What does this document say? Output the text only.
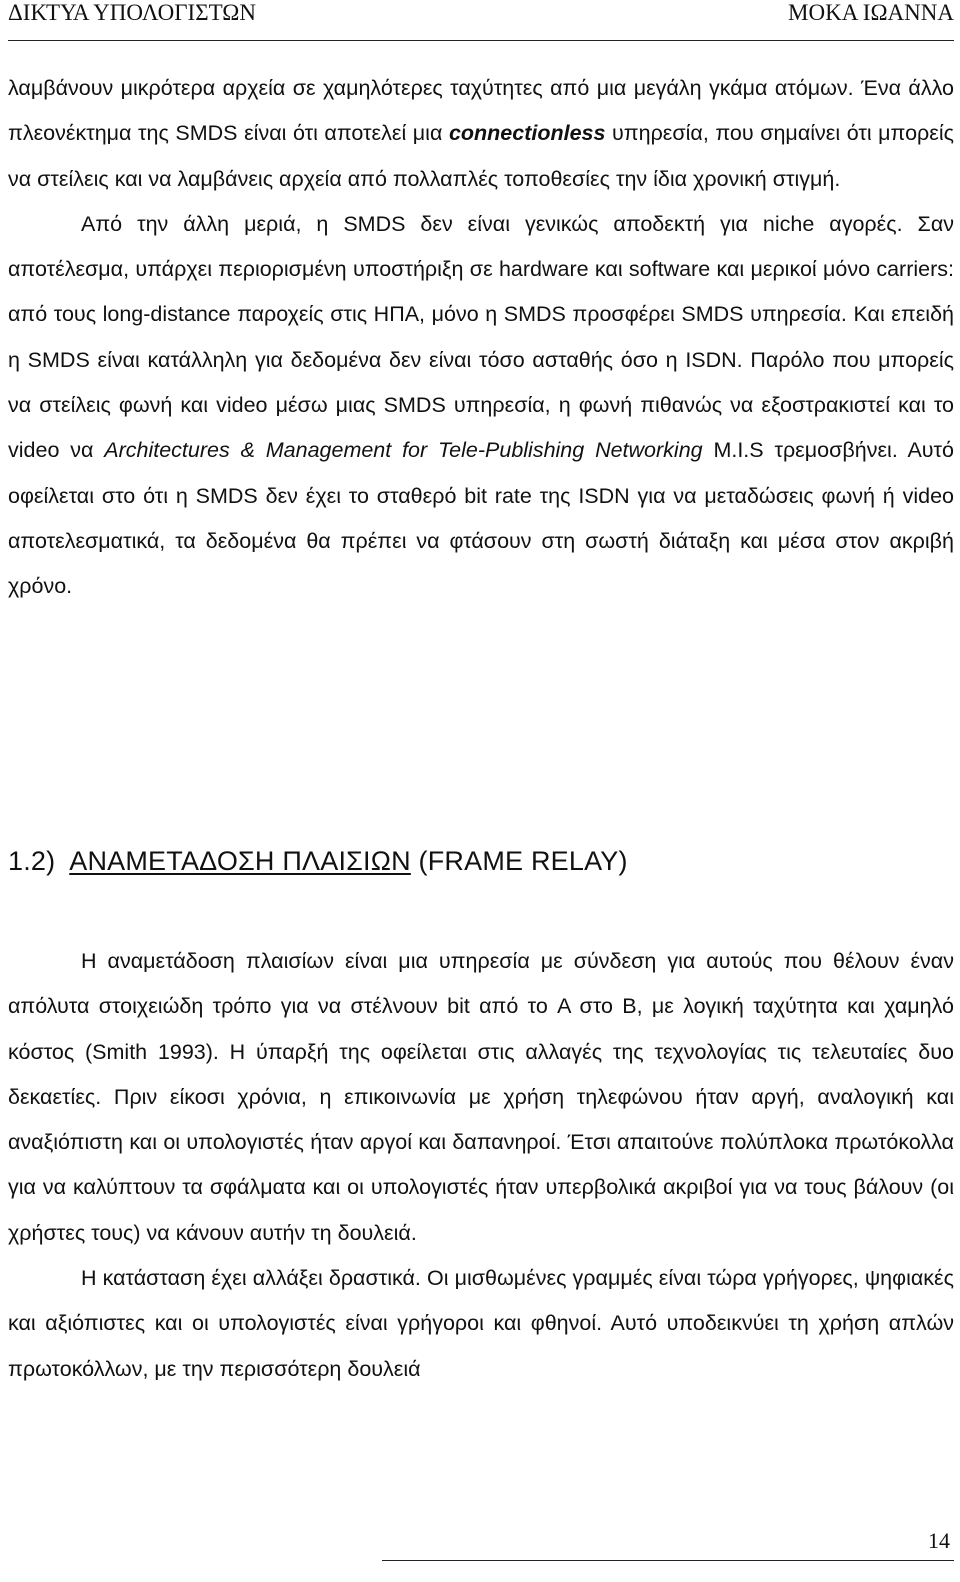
ΔΙΚΤΥΑ ΥΠΟΛΟΓΙΣΤΩΝ	ΜΟΚΑ ΙΩΑΝΝΑ

λαμβάνουν μικρότερα αρχεία σε χαμηλότερες ταχύτητες από μια μεγάλη γκάμα ατόμων. Ένα άλλο πλεονέκτημα της SMDS είναι ότι αποτελεί μια connectionless υπηρεσία, που σημαίνει ότι μπορείς να στείλεις και να λαμβάνεις αρχεία από πολλαπλές τοποθεσίες την ίδια χρονική στιγμή.

Από την άλλη μεριά, η SMDS δεν είναι γενικώς αποδεκτή για niche αγορές. Σαν αποτέλεσμα, υπάρχει περιορισμένη υποστήριξη σε hardware και software και μερικοί μόνο carriers: από τους long-distance παροχείς στις ΗΠΑ, μόνο η SMDS προσφέρει SMDS υπηρεσία. Και επειδή η SMDS είναι κατάλληλη για δεδομένα δεν είναι τόσο ασταθής όσο η ISDN. Παρόλο που μπορείς να στείλεις φωνή και video μέσω μιας SMDS υπηρεσία, η φωνή πιθανώς να εξοστρακιστεί και το video να Architectures & Management for Tele-Publishing Networking M.I.S τρεμοσβήνει. Αυτό οφείλεται στο ότι η SMDS δεν έχει το σταθερό bit rate της ISDN για να μεταδώσεις φωνή ή video αποτελεσματικά, τα δεδομένα θα πρέπει να φτάσουν στη σωστή διάταξη και μέσα στον ακριβή χρόνο.

1.2) ΑΝΑΜΕΤΑΔΟΣΗ ΠΛΑΙΣΙΩΝ (FRAME RELAY)

Η αναμετάδοση πλαισίων είναι μια υπηρεσία με σύνδεση για αυτούς που θέλουν έναν απόλυτα στοιχειώδη τρόπο για να στέλνουν bit από το A στο B, με λογική ταχύτητα και χαμηλό κόστος (Smith 1993). Η ύπαρξή της οφείλεται στις αλλαγές της τεχνολογίας τις τελευταίες δυο δεκαετίες. Πριν είκοσι χρόνια, η επικοινωνία με χρήση τηλεφώνου ήταν αργή, αναλογική και αναξιόπιστη και οι υπολογιστές ήταν αργοί και δαπανηροί. Έτσι απαιτούνε πολύπλοκα πρωτόκολλα για να καλύπτουν τα σφάλματα και οι υπολογιστές ήταν υπερβολικά ακριβοί για να τους βάλουν (οι χρήστες τους) να κάνουν αυτήν τη δουλειά.

Η κατάσταση έχει αλλάξει δραστικά. Οι μισθωμένες γραμμές είναι τώρα γρήγορες, ψηφιακές και αξιόπιστες και οι υπολογιστές είναι γρήγοροι και φθηνοί. Αυτό υποδεικνύει τη χρήση απλών πρωτοκόλλων, με την περισσότερη δουλειά

14
